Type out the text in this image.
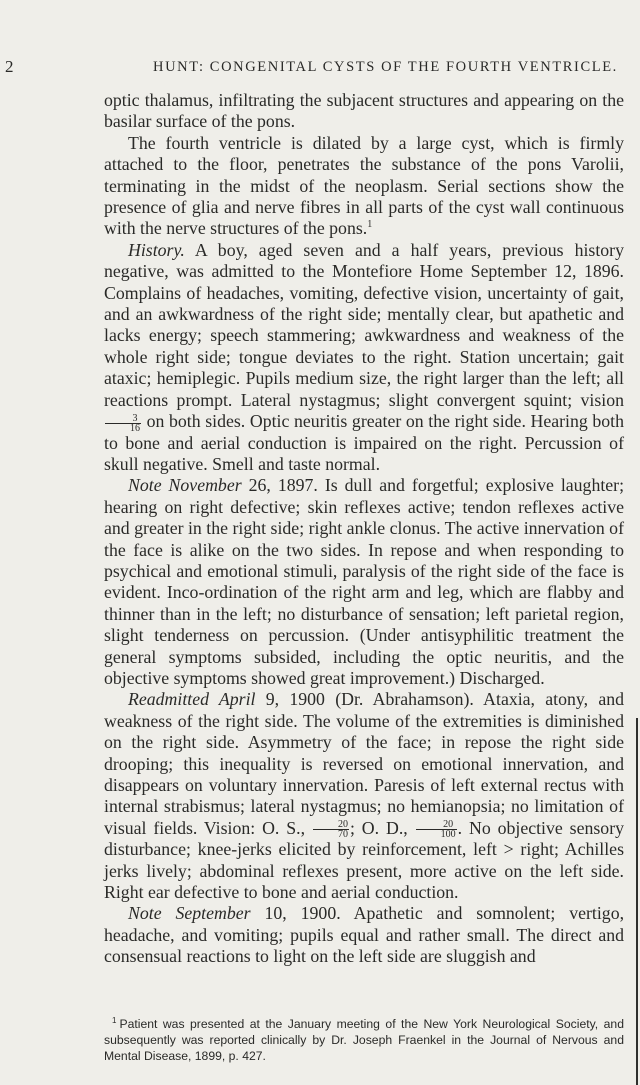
2	HUNT: CONGENITAL CYSTS OF THE FOURTH VENTRICLE.

optic thalamus, infiltrating the subjacent structures and appearing on the basilar surface of the pons.

The fourth ventricle is dilated by a large cyst, which is firmly attached to the floor, penetrates the substance of the pons Varolii, terminating in the midst of the neoplasm. Serial sections show the presence of glia and nerve fibres in all parts of the cyst wall continuous with the nerve structures of the pons.$^1$

History. A boy, aged seven and a half years, previous history negative, was admitted to the Montefiore Home September 12, 1896. Complains of headaches, vomiting, defective vision, uncertainty of gait, and an awkwardness of the right side; mentally clear, but apathetic and lacks energy; speech stammering; awkwardness and weakness of the whole right side; tongue deviates to the right. Station uncertain; gait ataxic; hemiplegic. Pupils medium size, the right larger than the left; all reactions prompt. Lateral nystagmus; slight convergent squint; vision
$\frac{3}{16}$ on both sides. Optic neuritis greater on the right side. Hearing both to bone and aerial conduction is impaired on the right. Percussion of skull negative. Smell and taste normal.

Note November 26, 1897. Is dull and forgetful; explosive laughter; hearing on right defective; skin reflexes active; tendon reflexes active and greater in the right side; right ankle clonus. The active innervation of the face is alike on the two sides. In repose and when responding to psychical and emotional stimuli, paralysis of the right side of the face is evident. Inco-ordination of the right arm and leg, which are flabby and thinner than in the left; no disturbance of sensation; left parietal region, slight tenderness on percussion. (Under antisyphilitic treatment the general symptoms subsided, including the optic neuritis, and the objective symptoms showed great improvement.) Discharged.

Readmitted April 9, 1900 (Dr. Abrahamson). Ataxia, atony, and weakness of the right side. The volume of the extremities is diminished on the right side. Asymmetry of the face; in repose the right side drooping; this inequality is reversed on emotional innervation, and disappears on voluntary innervation. Paresis of left external rectus with internal strabismus; lateral nystagmus; no hemianopsia; no limitation of visual fields. Vision: O. S., $\frac{20}{70}$ ; O. D., $\frac{20}{100}$ . No objective sensory disturbance; knee-jerks elicited by reinforcement, left > right; Achilles jerks lively; abdominal reflexes present, more active on the left side. Right ear defective to bone and aerial conduction.

Note September 10, 1900. Apathetic and somnolent; vertigo, headache, and vomiting; pupils equal and rather small. The direct and consensual reactions to light on the left side are sluggish and

$^1$ Patient was presented at the January meeting of the New York Neurological Society, and subsequently was reported clinically by Dr. Joseph Fraenkel in the Journal of Nervous and Mental Disease, 1899, p. 427.
